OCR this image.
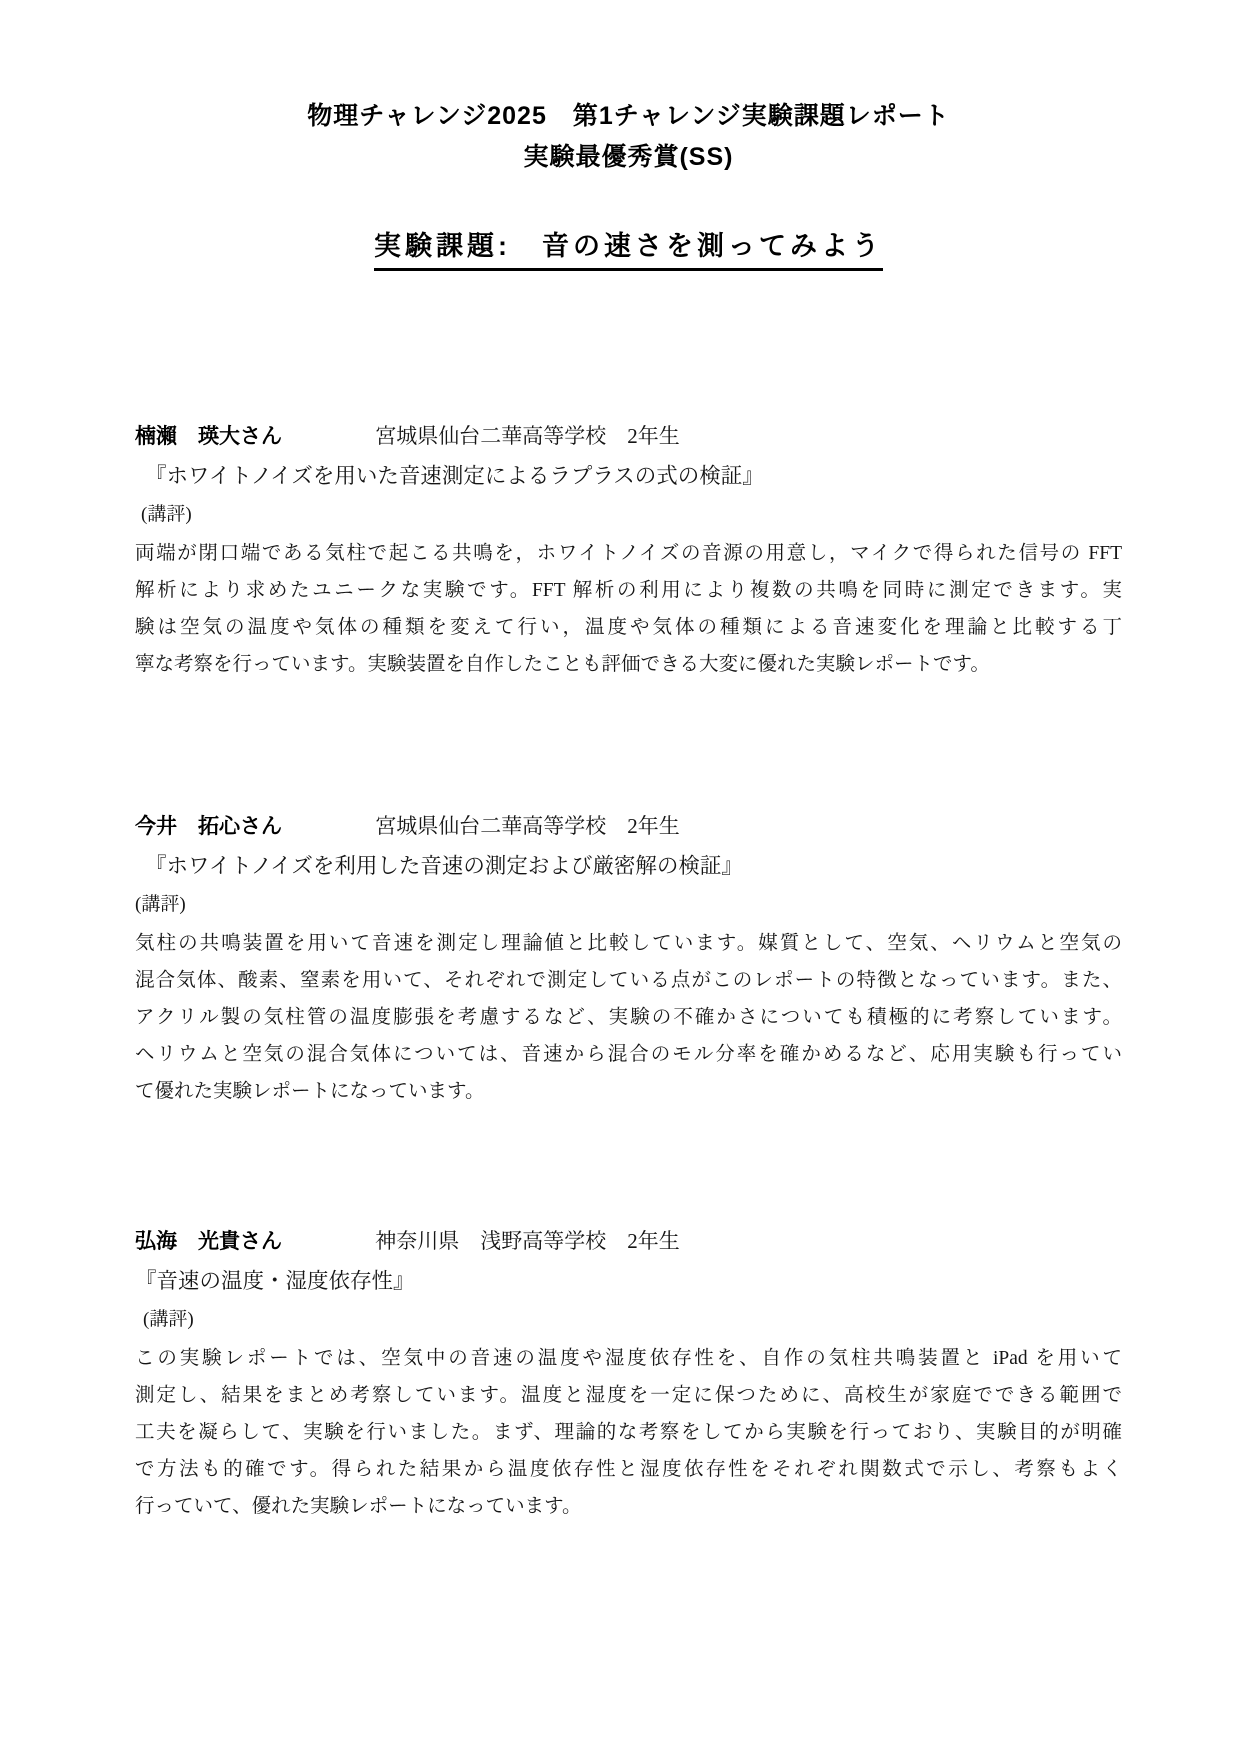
物理チャレンジ2025　第1チャレンジ実験課題レポート
実験最優秀賞(SS)
実験課題:　音の速さを測ってみよう
楠瀨　瑛大さん	宮城県仙台二華高等学校　2年生
『ホワイトノイズを用いた音速測定によるラプラスの式の検証』
(講評)
両端が閉口端である気柱で起こる共鳴を，ホワイトノイズの音源の用意し，マイクで得られた信号の FFT
解析により求めたユニークな実験です。FFT 解析の利用により複数の共鳴を同時に測定できます。実
験は空気の温度や気体の種類を変えて行い，温度や気体の種類による音速変化を理論と比較する丁
寧な考察を行っています。実験装置を自作したことも評価できる大変に優れた実験レポートです。
今井　拓心さん	宮城県仙台二華高等学校　2年生
『ホワイトノイズを利用した音速の測定および厳密解の検証』
(講評)
気柱の共鳴装置を用いて音速を測定し理論値と比較しています。媒質として、空気、ヘリウムと空気の
混合気体、酸素、窒素を用いて、それぞれで測定している点がこのレポートの特徴となっています。また、
アクリル製の気柱管の温度膨張を考慮するなど、実験の不確かさについても積極的に考察しています。
ヘリウムと空気の混合気体については、音速から混合のモル分率を確かめるなど、応用実験も行ってい
て優れた実験レポートになっています。
弘海　光貴さん	神奈川県　浅野高等学校　2年生
『音速の温度・湿度依存性』
(講評)
この実験レポートでは、空気中の音速の温度や湿度依存性を、自作の気柱共鳴装置と iPad を用いて
測定し、結果をまとめ考察しています。温度と湿度を一定に保つために、高校生が家庭でできる範囲で
工夫を凝らして、実験を行いました。まず、理論的な考察をしてから実験を行っており、実験目的が明確
で方法も的確です。得られた結果から温度依存性と湿度依存性をそれぞれ関数式で示し、考察もよく
行っていて、優れた実験レポートになっています。
